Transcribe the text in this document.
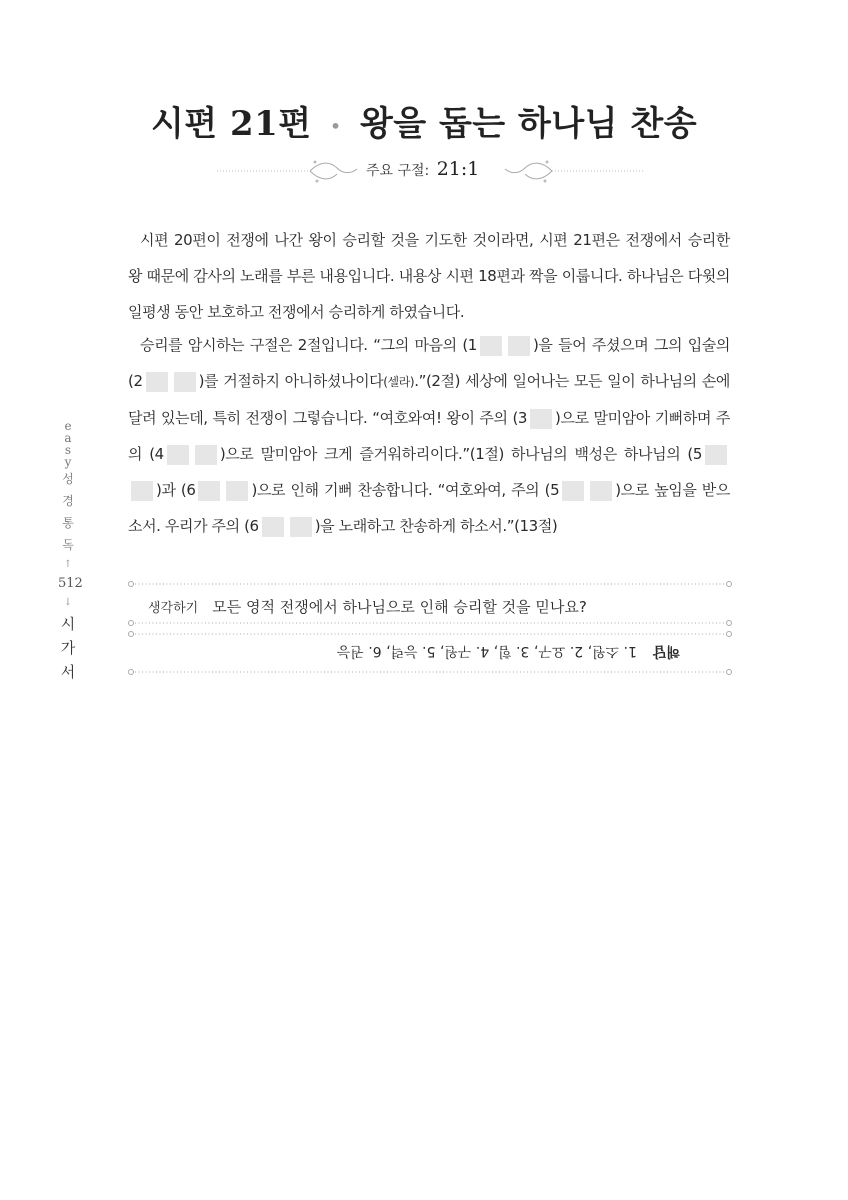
시편 21편 • 왕을 돕는 하나님 찬송
주요 구절: 21:1

시편 20편이 전쟁에 나간 왕이 승리할 것을 기도한 것이라면, 시편 21편은 전쟁에서 승리한 왕 때문에 감사의 노래를 부른 내용입니다. 내용상 시편 18편과 짝을 이룹니다. 하나님은 다윗의 일평생 동안 보호하고 전쟁에서 승리하게 하였습니다.

승리를 암시하는 구절은 2절입니다. “그의 마음의 (1	)을 들어 주셨으며 그의 입술의 (2	)를 거절하지 아니하셨나이다(셀라).”(2절) 세상에 일어나는 모든 일이 하나님의 손에 달려 있는데, 특히 전쟁이 그렇습니다. “여호와여! 왕이 주의 (3 )으로 말미암아 기뻐하며 주의 (4	)으로 말미암아 크게 즐거워하리이다.”(1절) 하나님의 백성은 하나님의 (5)과 (6	)으로 인해 기뻐 찬송합니다. “여호와여, 주의 (5	)으로 높임을 받으소서. 우리가 주의 (6	)을 노래하고 찬송하게 하소서.”(13절)

e
a
s
y
성
경
통
독
↑
512
↓
시
가
서
생각하기 모든 영적 전쟁에서 하나님으로 인해 승리할 것을 믿나요?
해답1. 소원, 2. 요구, 3. 힘, 4. 구원, 5. 능력, 6. 권능
